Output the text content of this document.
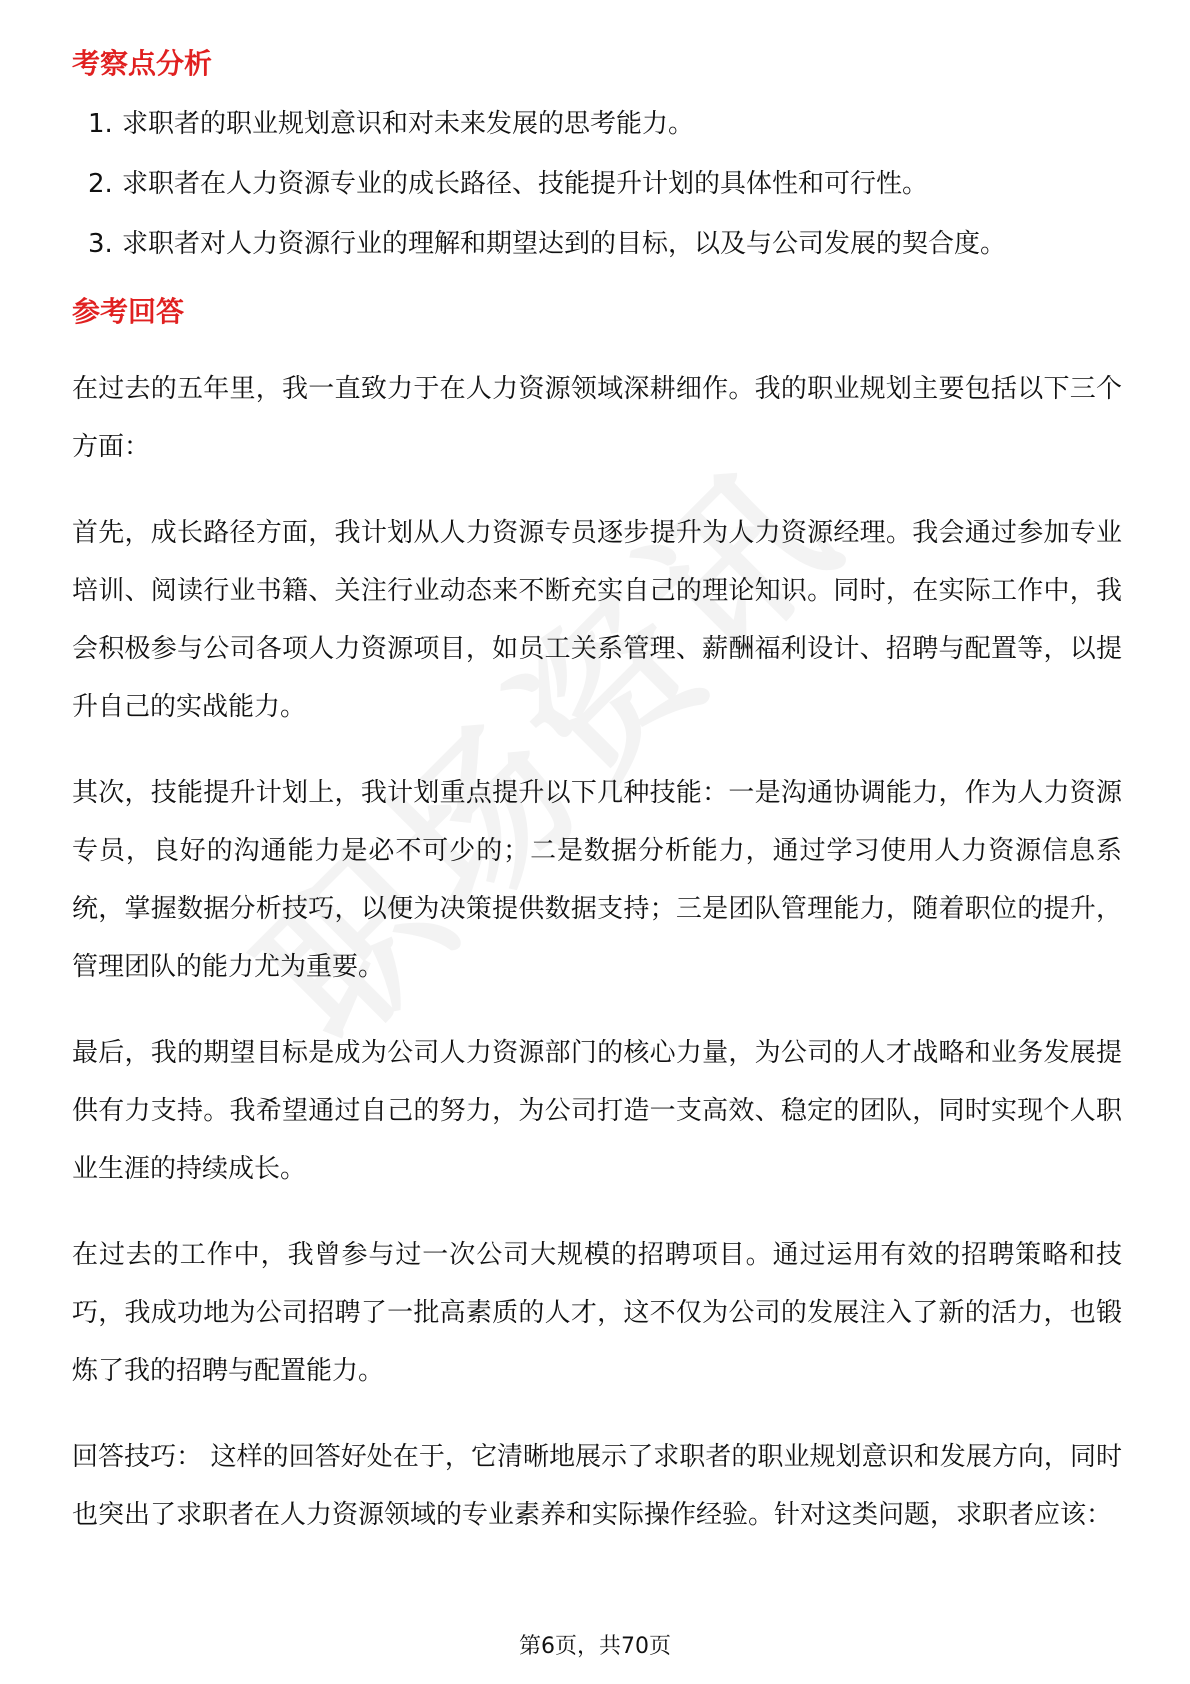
考察点分析
1. 求职者的职业规划意识和对未来发展的思考能力。
2. 求职者在人力资源专业的成长路径、技能提升计划的具体性和可行性。
3. 求职者对人力资源行业的理解和期望达到的目标，以及与公司发展的契合度。
参考回答

在过去的五年里，我一直致力于在人力资源领域深耕细作。我的职业规划主要包括以下三个方面：

首先，成长路径方面，我计划从人力资源专员逐步提升为人力资源经理。我会通过参加专业培训、阅读行业书籍、关注行业动态来不断充实自己的理论知识。同时，在实际工作中，我会积极参与公司各项人力资源项目，如员工关系管理、薪酬福利设计、招聘与配置等，以提升自己的实战能力。

其次，技能提升计划上，我计划重点提升以下几种技能：一是沟通协调能力，作为人力资源专员，良好的沟通能力是必不可少的；二是数据分析能力，通过学习使用人力资源信息系统，掌握数据分析技巧，以便为决策提供数据支持；三是团队管理能力，随着职位的提升，管理团队的能力尤为重要。

最后，我的期望目标是成为公司人力资源部门的核心力量，为公司的人才战略和业务发展提供有力支持。我希望通过自己的努力，为公司打造一支高效、稳定的团队，同时实现个人职业生涯的持续成长。

在过去的工作中，我曾参与过一次公司大规模的招聘项目。通过运用有效的招聘策略和技巧，我成功地为公司招聘了一批高素质的人才，这不仅为公司的发展注入了新的活力，也锻炼了我的招聘与配置能力。

回答技巧： 这样的回答好处在于，它清晰地展示了求职者的职业规划意识和发展方向，同时也突出了求职者在人力资源领域的专业素养和实际操作经验。针对这类问题，求职者应该：

第6页，共70页
